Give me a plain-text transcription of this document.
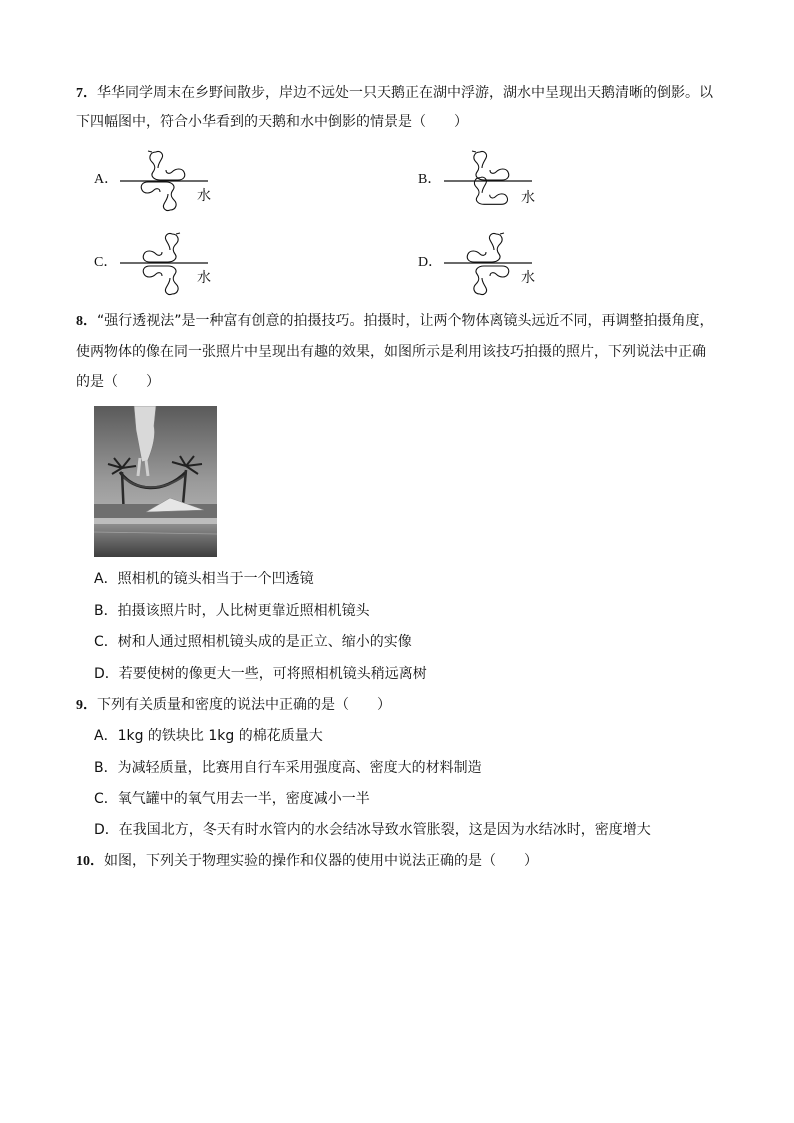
7．华华同学周末在乡野间散步，岸边不远处一只天鹅正在湖中浮游，湖水中呈现出天鹅清晰的倒影。以
下四幅图中，符合小华看到的天鹅和水中倒影的情景是（　　）
A．
水
B．
水
C．
水
D．
水
8．“强行透视法”是一种富有创意的拍摄技巧。拍摄时，让两个物体离镜头远近不同，再调整拍摄角度，
使两物体的像在同一张照片中呈现出有趣的效果，如图所示是利用该技巧拍摄的照片，下列说法中正确
的是（　　）
A．照相机的镜头相当于一个凹透镜
B．拍摄该照片时，人比树更靠近照相机镜头
C．树和人通过照相机镜头成的是正立、缩小的实像
D．若要使树的像更大一些，可将照相机镜头稍远离树
9．下列有关质量和密度的说法中正确的是（　　）
A．1kg 的铁块比 1kg 的棉花质量大
B．为减轻质量，比赛用自行车采用强度高、密度大的材料制造
C．氧气罐中的氧气用去一半，密度减小一半
D．在我国北方，冬天有时水管内的水会结冰导致水管胀裂，这是因为水结冰时，密度增大
10．如图，下列关于物理实验的操作和仪器的使用中说法正确的是（　　）
